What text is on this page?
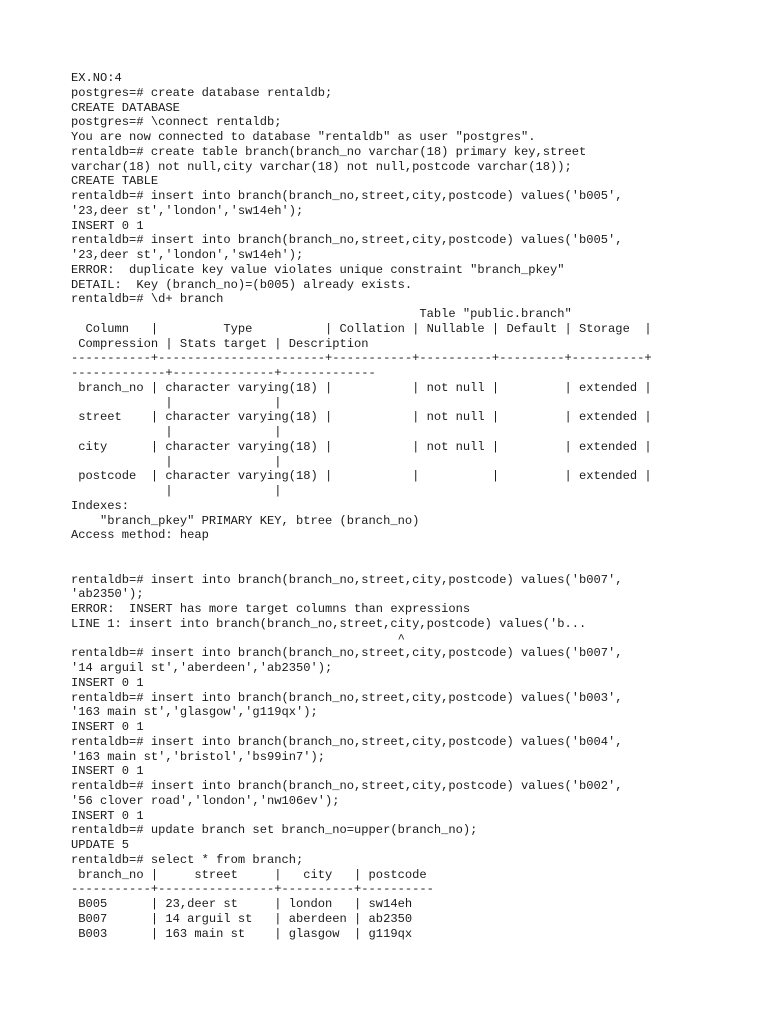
EX.NO:4
postgres=# create database rentaldb;
CREATE DATABASE
postgres=# \connect rentaldb;
You are now connected to database "rentaldb" as user "postgres".
rentaldb=# create table branch(branch_no varchar(18) primary key,street
varchar(18) not null,city varchar(18) not null,postcode varchar(18));
CREATE TABLE
rentaldb=# insert into branch(branch_no,street,city,postcode) values('b005',
'23,deer st','london','sw14eh');
INSERT 0 1
rentaldb=# insert into branch(branch_no,street,city,postcode) values('b005',
'23,deer st','london','sw14eh');
ERROR:  duplicate key value violates unique constraint "branch_pkey"
DETAIL:  Key (branch_no)=(b005) already exists.
rentaldb=# \d+ branch
Table "public.branch"
Column   |         Type          | Collation | Nullable | Default | Storage  |
Compression | Stats target | Description
-----------+-----------------------+-----------+----------+---------+----------+
-------------+--------------+-------------
branch_no | character varying(18) |           | not null |         | extended |
|              |
street    | character varying(18) |           | not null |         | extended |
|              |
city      | character varying(18) |           | not null |         | extended |
|              |
postcode  | character varying(18) |           |          |         | extended |
|              |
Indexes:
"branch_pkey" PRIMARY KEY, btree (branch_no)
Access method: heap
rentaldb=# insert into branch(branch_no,street,city,postcode) values('b007',
'ab2350');
ERROR:  INSERT has more target columns than expressions
LINE 1: insert into branch(branch_no,street,city,postcode) values('b...
^
rentaldb=# insert into branch(branch_no,street,city,postcode) values('b007',
'14 arguil st','aberdeen','ab2350');
INSERT 0 1
rentaldb=# insert into branch(branch_no,street,city,postcode) values('b003',
'163 main st','glasgow','g119qx');
INSERT 0 1
rentaldb=# insert into branch(branch_no,street,city,postcode) values('b004',
'163 main st','bristol','bs99in7');
INSERT 0 1
rentaldb=# insert into branch(branch_no,street,city,postcode) values('b002',
'56 clover road','london','nw106ev');
INSERT 0 1
rentaldb=# update branch set branch_no=upper(branch_no);
UPDATE 5
rentaldb=# select * from branch;
branch_no |     street     |   city   | postcode
-----------+----------------+----------+----------
B005      | 23,deer st     | london   | sw14eh
B007      | 14 arguil st   | aberdeen | ab2350
B003      | 163 main st    | glasgow  | g119qx
